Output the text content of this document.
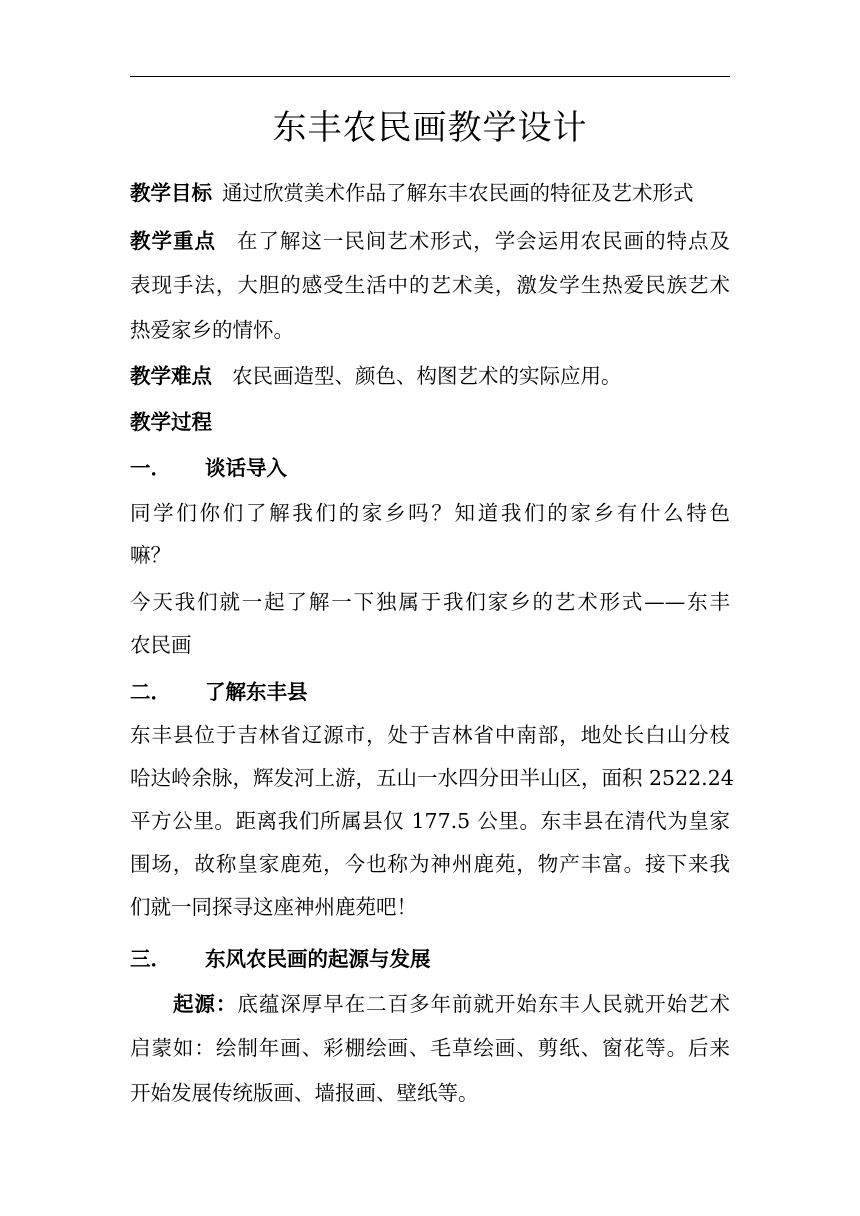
东丰农民画教学设计
教学目标 通过欣赏美术作品了解东丰农民画的特征及艺术形式
教学重点 在了解这一民间艺术形式，学会运用农民画的特点及
表现手法，大胆的感受生活中的艺术美，激发学生热爱民族艺术
热爱家乡的情怀。
教学难点 农民画造型、颜色、构图艺术的实际应用。
教学过程
一． 谈话导入
同学们你们了解我们的家乡吗？知道我们的家乡有什么特色
嘛？
今天我们就一起了解一下独属于我们家乡的艺术形式——东丰
农民画
二． 了解东丰县
东丰县位于吉林省辽源市，处于吉林省中南部，地处长白山分枝
哈达岭余脉，辉发河上游，五山一水四分田半山区，面积 2522.24
平方公里。距离我们所属县仅 177.5 公里。东丰县在清代为皇家
围场，故称皇家鹿苑，今也称为神州鹿苑，物产丰富。接下来我
们就一同探寻这座神州鹿苑吧！
三． 东风农民画的起源与发展
起源：底蕴深厚早在二百多年前就开始东丰人民就开始艺术
启蒙如：绘制年画、彩棚绘画、毛草绘画、剪纸、窗花等。后来
开始发展传统版画、墙报画、壁纸等。
